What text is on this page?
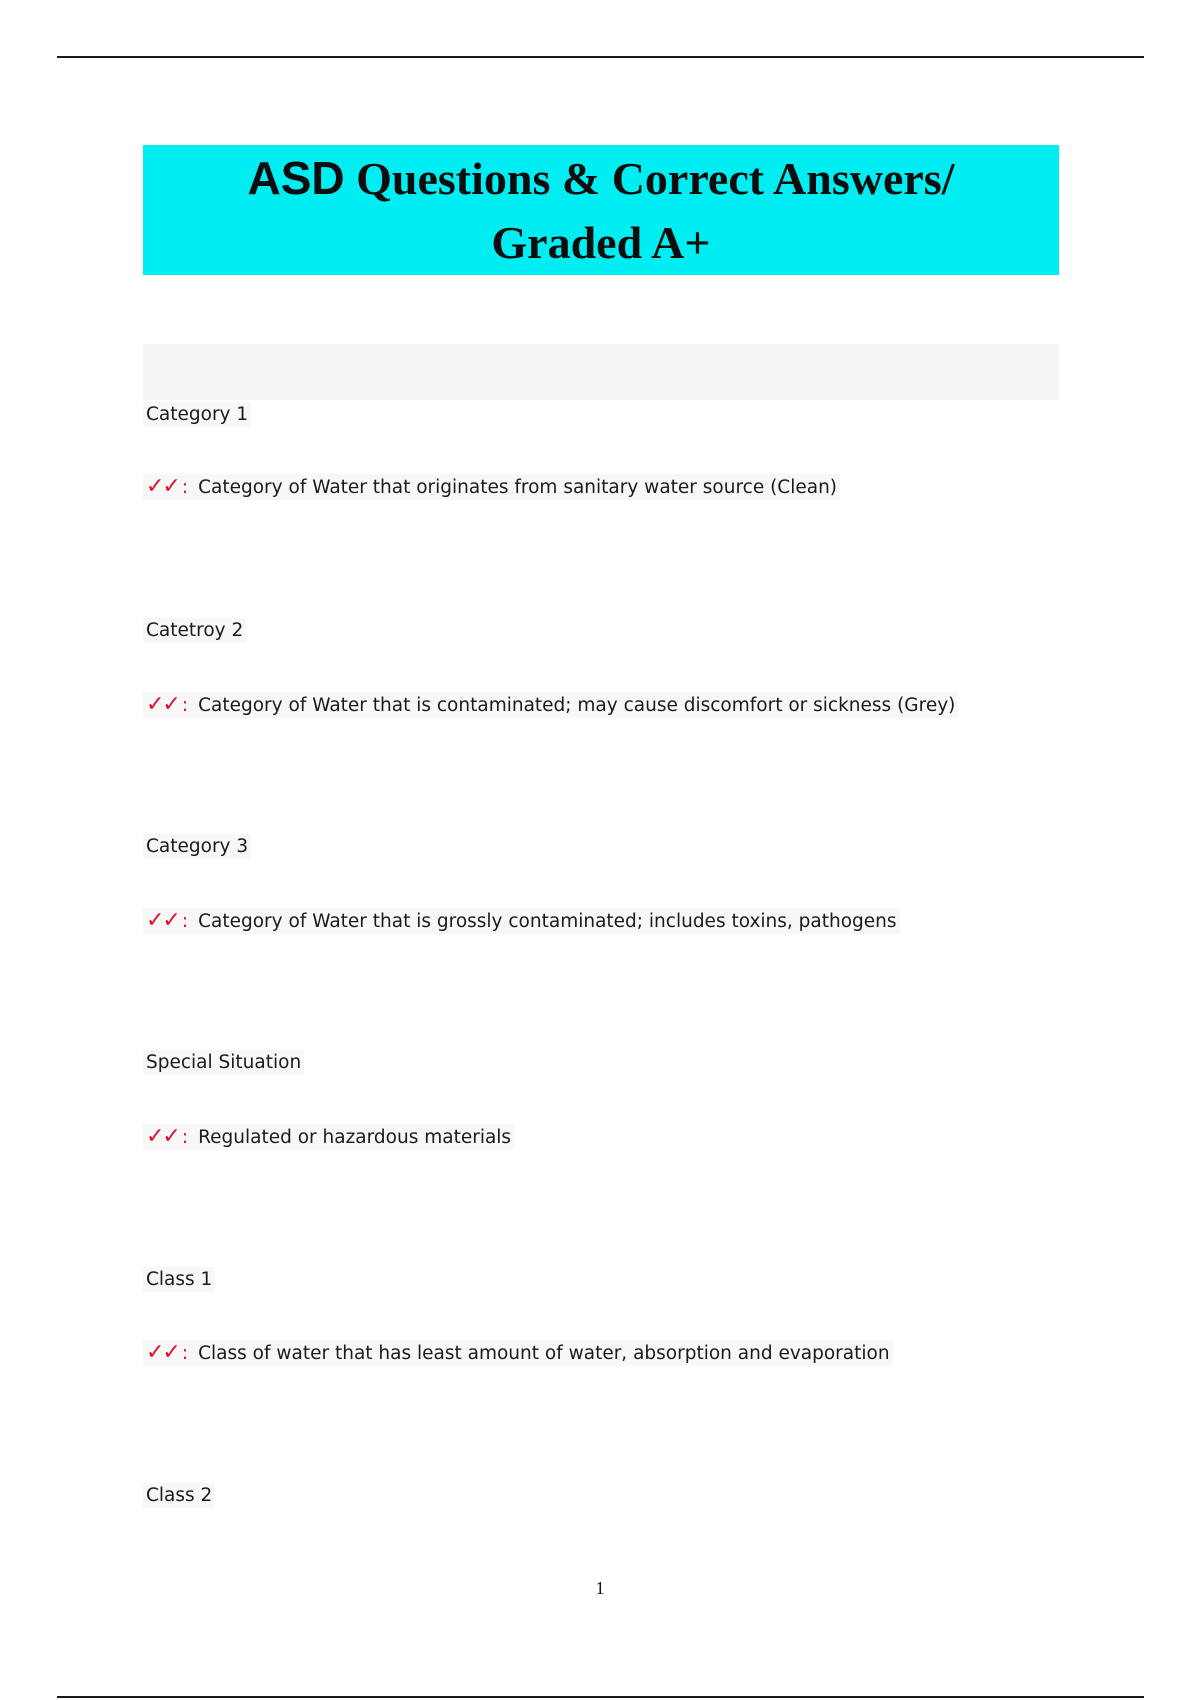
ASD Questions & Correct Answers/
Graded A+
Category 1
✓✓ : Category of Water that originates from sanitary water source (Clean)
Catetroy 2
✓✓ : Category of Water that is contaminated; may cause discomfort or sickness (Grey)
Category 3
✓✓ : Category of Water that is grossly contaminated; includes toxins, pathogens
Special Situation
✓✓ : Regulated or hazardous materials
Class 1
✓✓ : Class of water that has least amount of water, absorption and evaporation
Class 2
1
